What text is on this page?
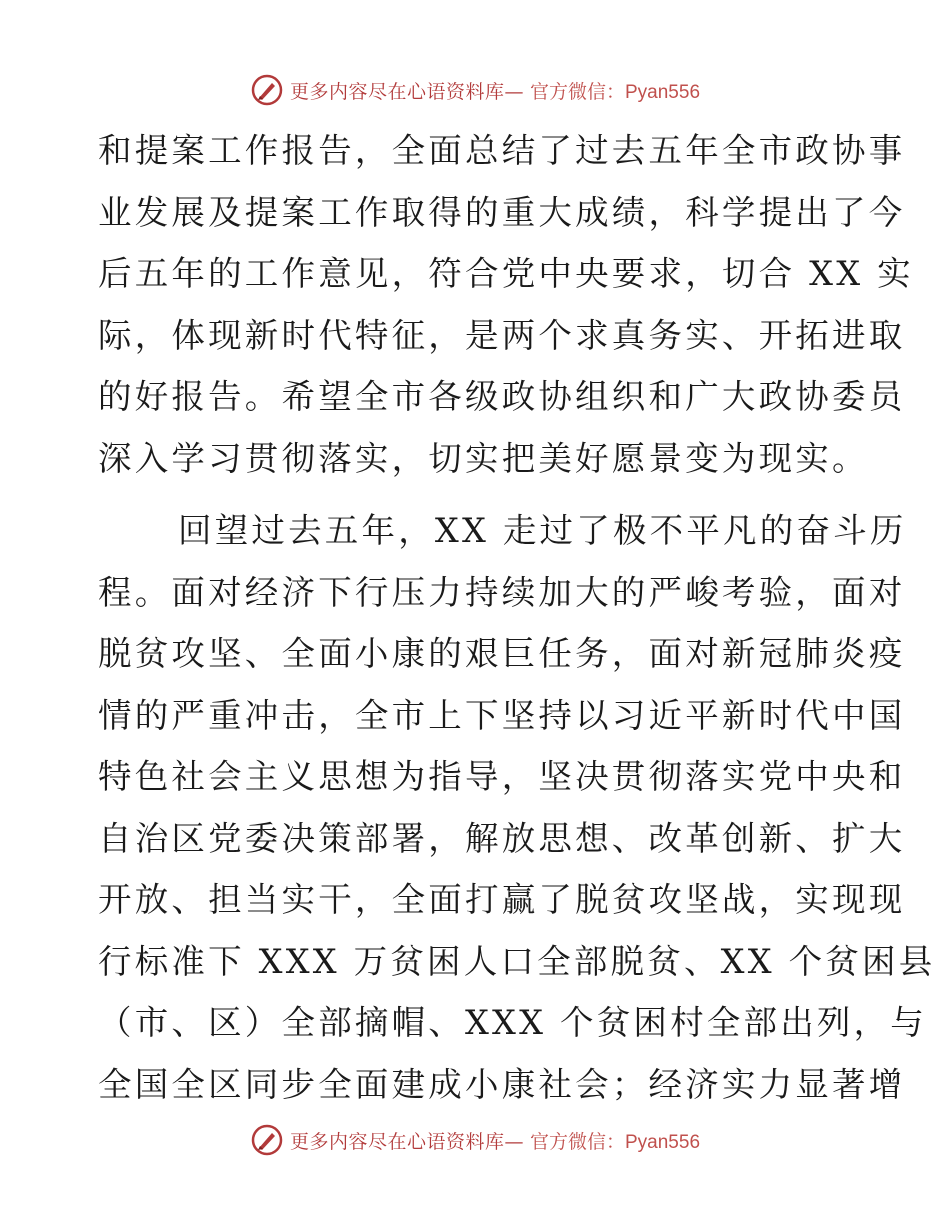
更多内容尽在心语资料库— 官方微信：Pyan556
和提案工作报告，全面总结了过去五年全市政协事
业发展及提案工作取得的重大成绩，科学提出了今
后五年的工作意见，符合党中央要求，切合 XX 实
际，体现新时代特征，是两个求真务实、开拓进取
的好报告。希望全市各级政协组织和广大政协委员
深入学习贯彻落实，切实把美好愿景变为现实。
回望过去五年，XX 走过了极不平凡的奋斗历
程。面对经济下行压力持续加大的严峻考验，面对
脱贫攻坚、全面小康的艰巨任务，面对新冠肺炎疫
情的严重冲击，全市上下坚持以习近平新时代中国
特色社会主义思想为指导，坚决贯彻落实党中央和
自治区党委决策部署，解放思想、改革创新、扩大
开放、担当实干，全面打赢了脱贫攻坚战，实现现
行标准下 XXX 万贫困人口全部脱贫、XX 个贫困县
（市、区）全部摘帽、XXX 个贫困村全部出列，与
全国全区同步全面建成小康社会；经济实力显著增
更多内容尽在心语资料库— 官方微信：Pyan556
